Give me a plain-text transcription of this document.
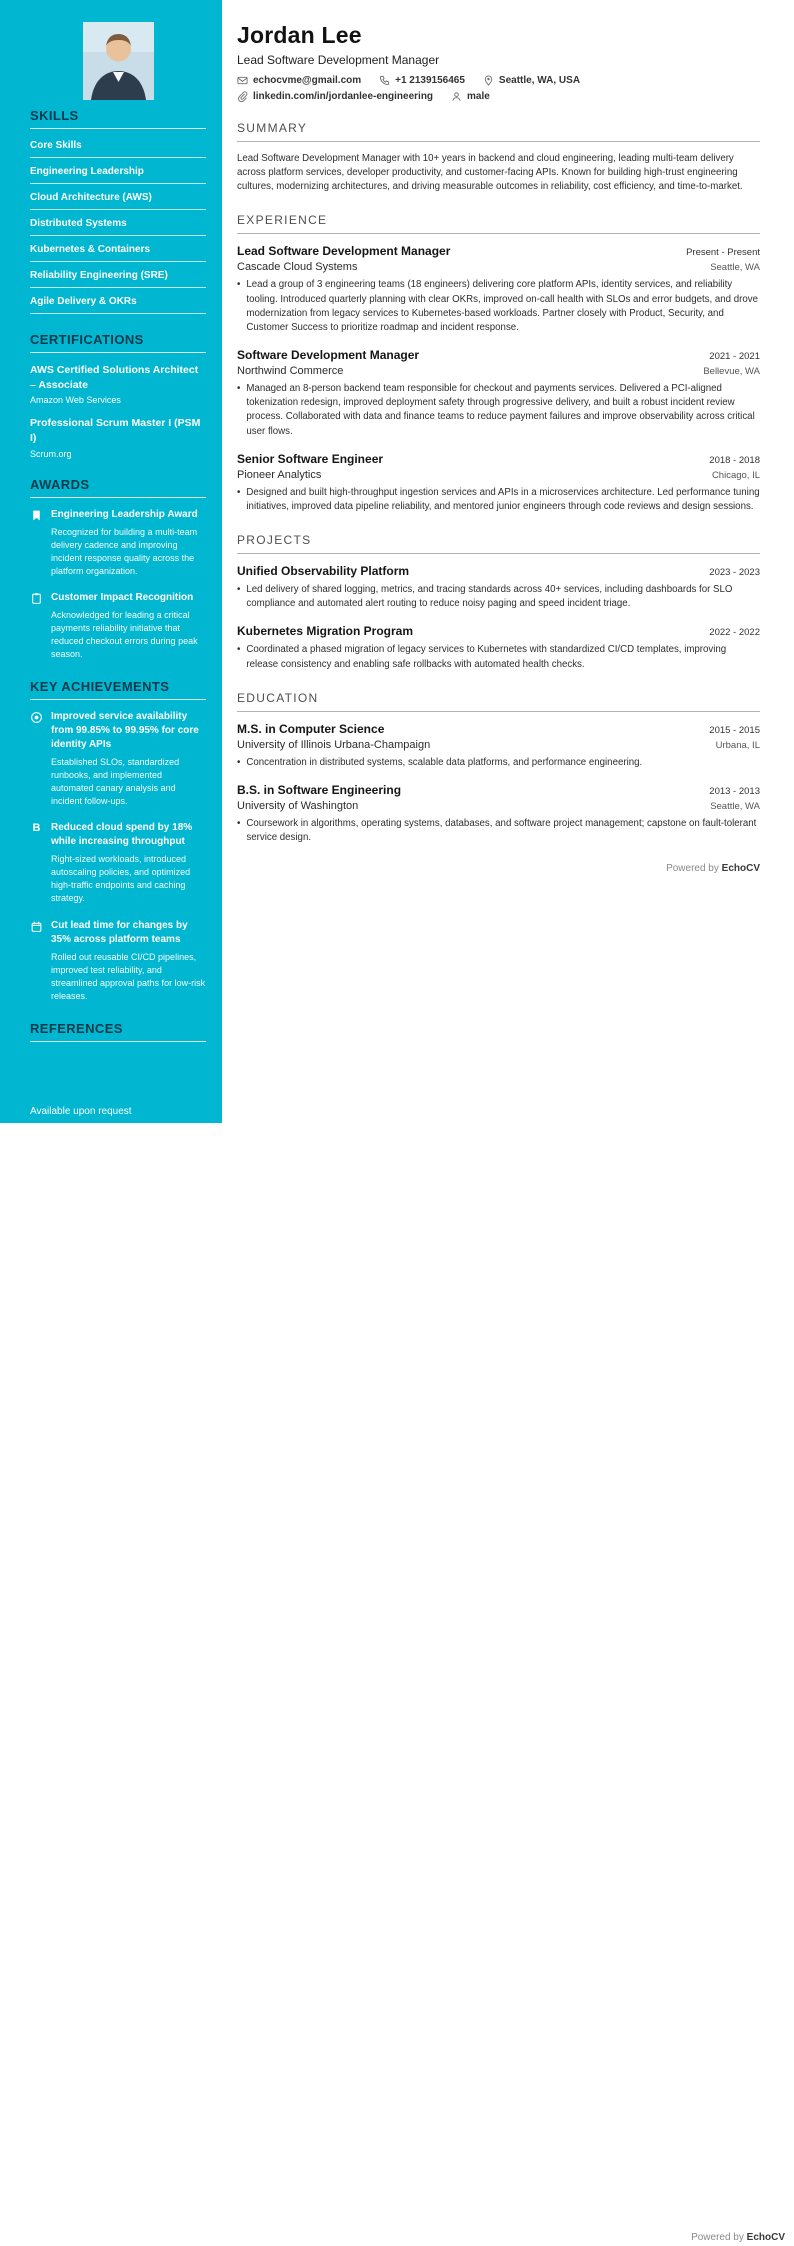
SKILLS
Core Skills
Engineering Leadership
Cloud Architecture (AWS)
Distributed Systems
Kubernetes & Containers
Reliability Engineering (SRE)
Agile Delivery & OKRs
CERTIFICATIONS
AWS Certified Solutions Architect – Associate
Amazon Web Services
Professional Scrum Master I (PSM I)
Scrum.org
AWARDS
Engineering Leadership Award
Recognized for building a multi-team delivery cadence and improving incident response quality across the platform organization.
Customer Impact Recognition
Acknowledged for leading a critical payments reliability initiative that reduced checkout errors during peak season.
KEY ACHIEVEMENTS
Improved service availability from 99.85% to 99.95% for core identity APIs
Established SLOs, standardized runbooks, and implemented automated canary analysis and incident follow-ups.
B Reduced cloud spend by 18% while increasing throughput
Right-sized workloads, introduced autoscaling policies, and optimized high-traffic endpoints and caching strategy.
Cut lead time for changes by 35% across platform teams
Rolled out reusable CI/CD pipelines, improved test reliability, and streamlined approval paths for low-risk releases.
REFERENCES
Available upon request
Jordan Lee
Lead Software Development Manager
echocvme@gmail.com	+1 2139156465	Seattle, WA, USA
linkedin.com/in/jordanlee-engineering	male
SUMMARY

Lead Software Development Manager with 10+ years in backend and cloud engineering, leading multi-team delivery across platform services, developer productivity, and customer-facing APIs. Known for building high-trust engineering cultures, modernizing architectures, and driving measurable outcomes in reliability, cost efficiency, and time-to-market.

EXPERIENCE
Lead Software Development Manager	Present - Present
Cascade Cloud Systems	Seattle, WA
• Lead a group of 3 engineering teams (18 engineers) delivering core platform APIs, identity services, and reliability tooling. Introduced quarterly planning with clear OKRs, improved on-call health with SLOs and error budgets, and drove modernization from legacy services to Kubernetes-based workloads. Partner closely with Product, Security, and Customer Success to prioritize roadmap and incident response.
Software Development Manager	2021 - 2021
Northwind Commerce	Bellevue, WA
• Managed an 8-person backend team responsible for checkout and payments services. Delivered a PCI-aligned tokenization redesign, improved deployment safety through progressive delivery, and built a robust incident review process. Collaborated with data and finance teams to reduce payment failures and improve observability across critical user flows.
Senior Software Engineer	2018 - 2018
Pioneer Analytics	Chicago, IL
• Designed and built high-throughput ingestion services and APIs in a microservices architecture. Led performance tuning initiatives, improved data pipeline reliability, and mentored junior engineers through code reviews and design sessions.
PROJECTS
Unified Observability Platform	2023 - 2023
• Led delivery of shared logging, metrics, and tracing standards across 40+ services, including dashboards for SLO compliance and automated alert routing to reduce noisy paging and speed incident triage.
Kubernetes Migration Program	2022 - 2022
• Coordinated a phased migration of legacy services to Kubernetes with standardized CI/CD templates, improving release consistency and enabling safe rollbacks with automated health checks.
EDUCATION
M.S. in Computer Science	2015 - 2015
University of Illinois Urbana-Champaign	Urbana, IL
• Concentration in distributed systems, scalable data platforms, and performance engineering.
B.S. in Software Engineering	2013 - 2013
University of Washington	Seattle, WA
• Coursework in algorithms, operating systems, databases, and software project management; capstone on fault-tolerant service design.
Powered by EchoCV
Powered by EchoCV
